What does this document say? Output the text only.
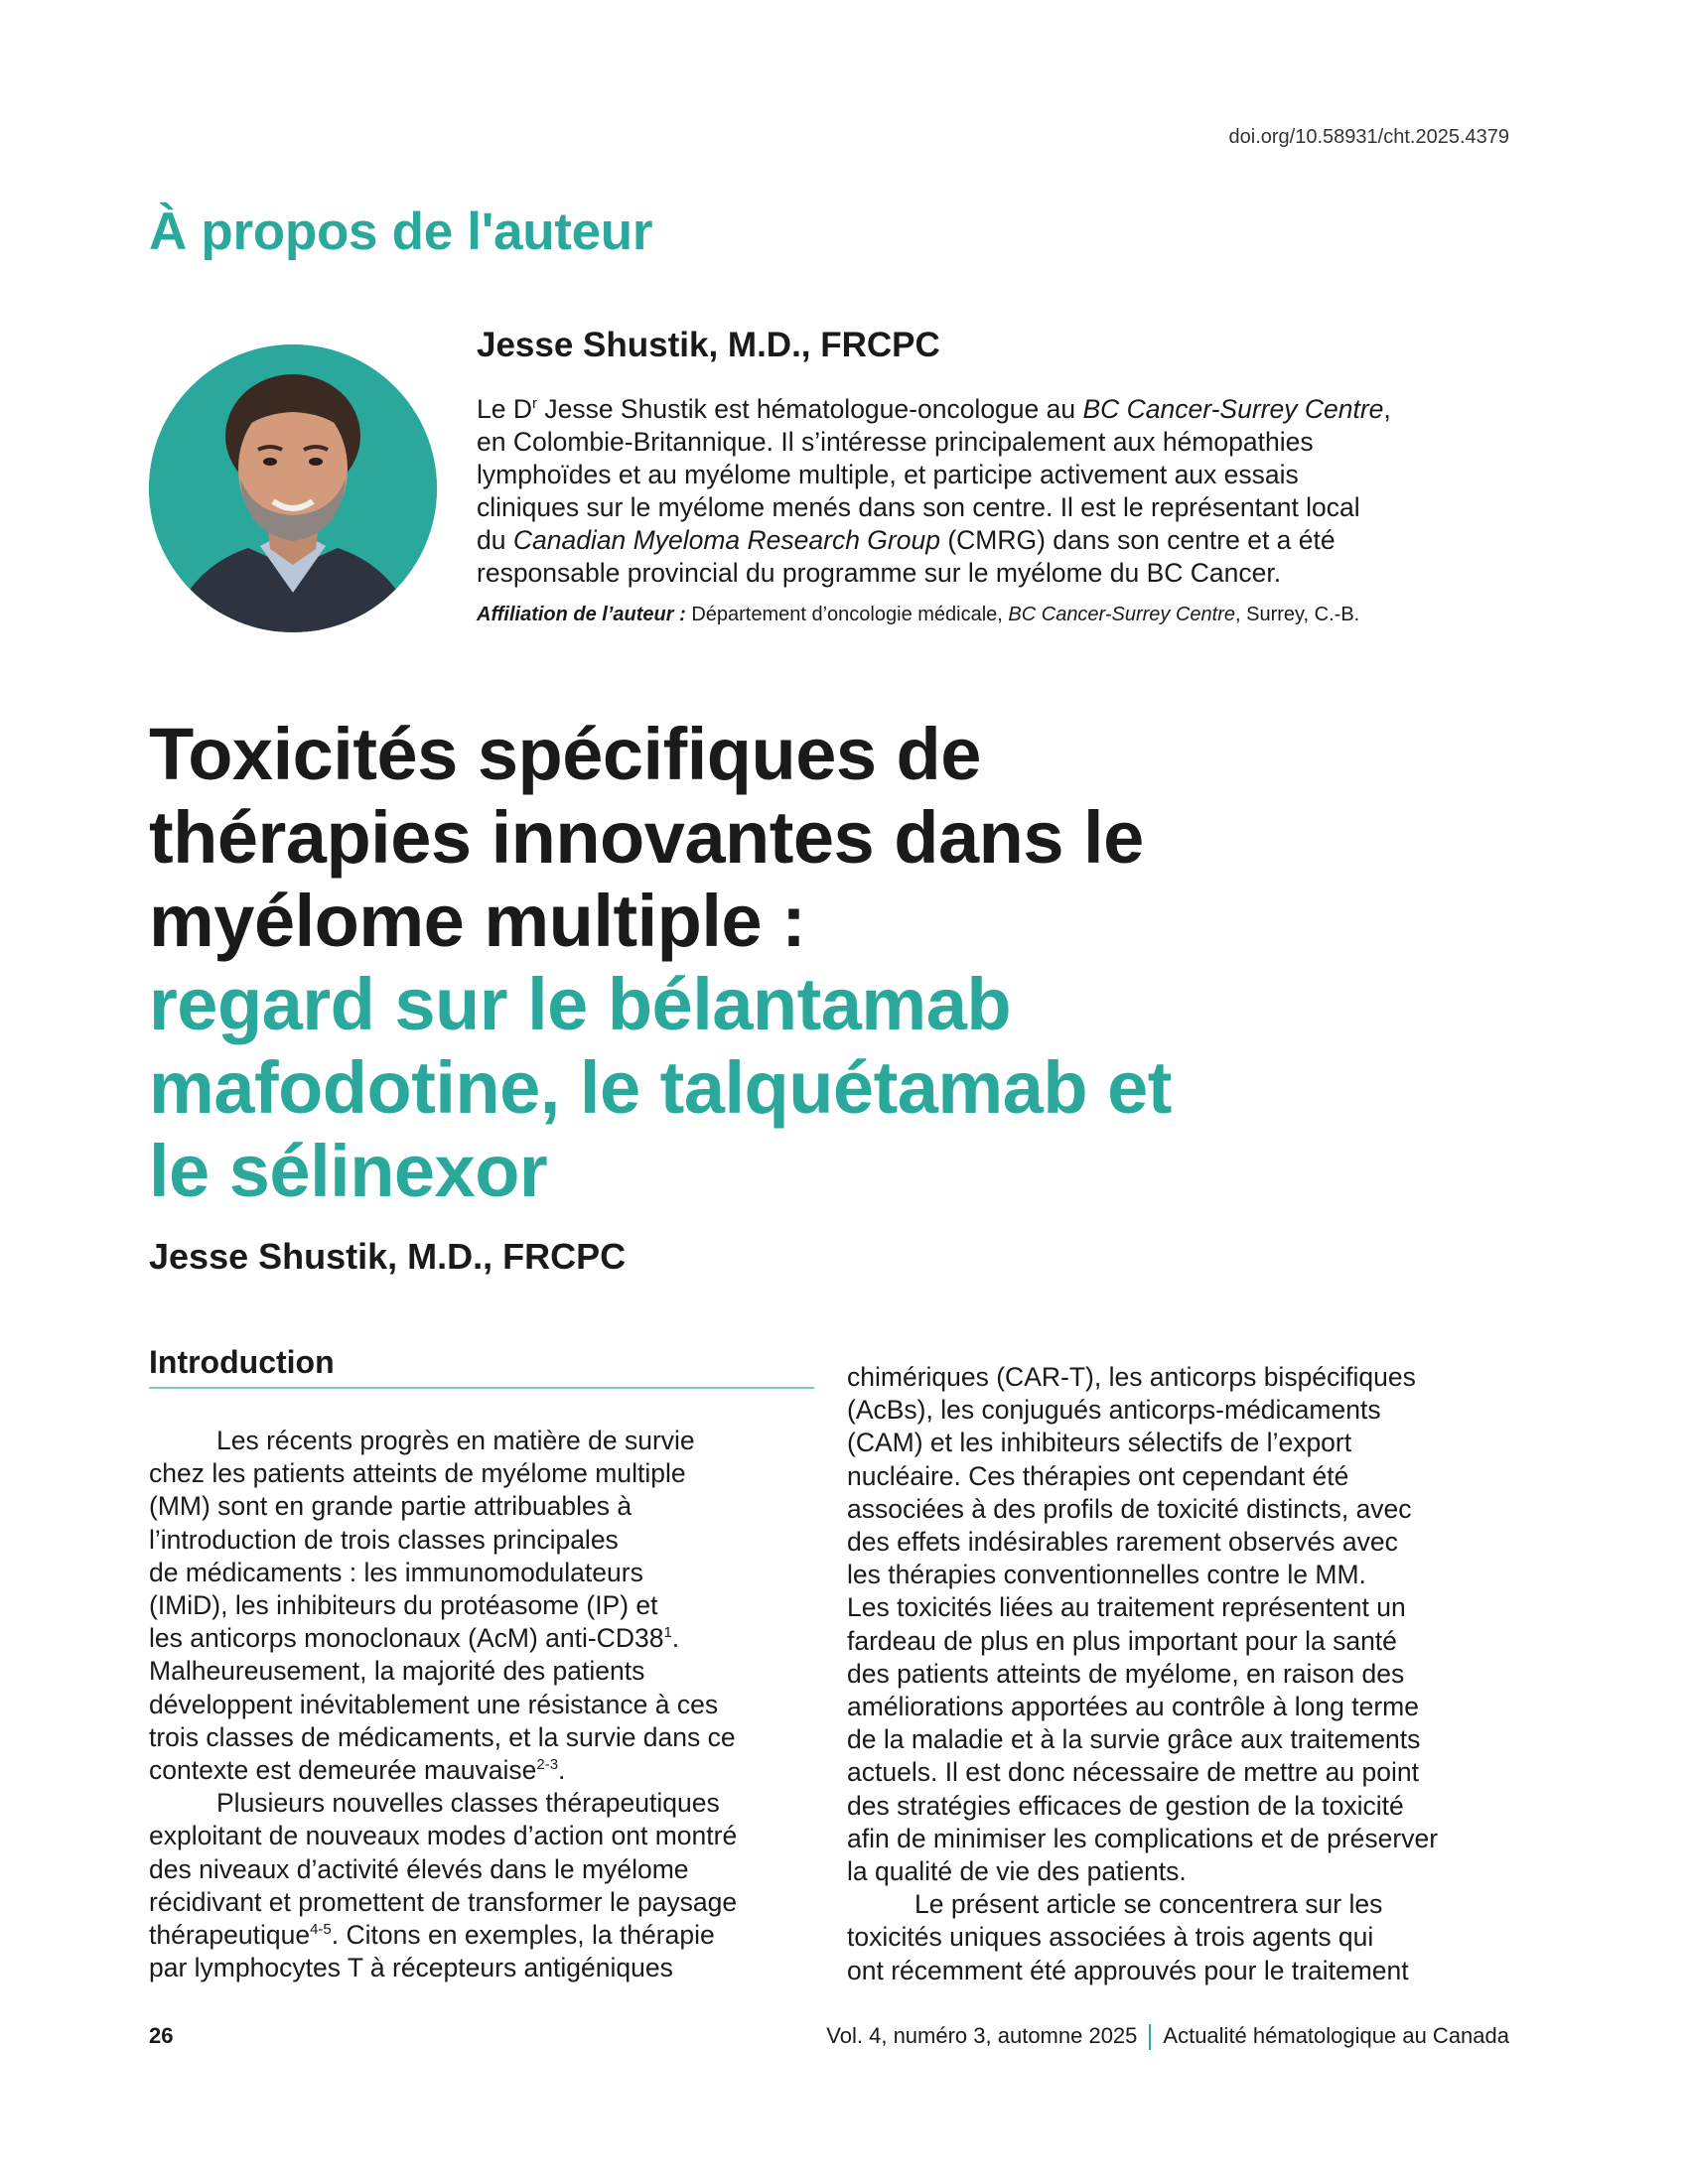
doi.org/10.58931/cht.2025.4379
À propos de l'auteur
Jesse Shustik, M.D., FRCPC
Le $D^r$ Jesse Shustik est hématologue-oncologue au BC Cancer-Surrey Centre,
en Colombie-Britannique. Il s’intéresse principalement aux hémopathies
lymphoïdes et au myélome multiple, et participe activement aux essais
cliniques sur le myélome menés dans son centre. Il est le représentant local
du Canadian Myeloma Research Group (CMRG) dans son centre et a été
responsable provincial du programme sur le myélome du BC Cancer.
Affiliation de l’auteur : Département d’oncologie médicale, BC Cancer-Surrey Centre, Surrey, C.-B.
Toxicités spécifiques de
thérapies innovantes dans le
myélome multiple :
regard sur le bélantamab
mafodotine, le talquétamab et
le sélinexor

Jesse Shustik, M.D., FRCPC

Introduction
Les récents progrès en matière de survie
chez les patients atteints de myélome multiple
(MM) sont en grande partie attribuables à
l’introduction de trois classes principales
de médicaments : les immunomodulateurs
(IMiD), les inhibiteurs du protéasome (IP) et
les anticorps monoclonaux (AcM) anti-$CD38^1$.
Malheureusement, la majorité des patients
développent inévitablement une résistance à ces
trois classes de médicaments, et la survie dans ce
contexte est demeurée mauvaise$^{2-3}$.
Plusieurs nouvelles classes thérapeutiques
exploitant de nouveaux modes d’action ont montré
des niveaux d’activité élevés dans le myélome
récidivant et promettent de transformer le paysage
thérapeutique$^{4-5}$. Citons en exemples, la thérapie
par lymphocytes T à récepteurs antigéniques
chimériques (CAR-T), les anticorps bispécifiques
(AcBs), les conjugués anticorps-médicaments
(CAM) et les inhibiteurs sélectifs de l’export
nucléaire. Ces thérapies ont cependant été
associées à des profils de toxicité distincts, avec
des effets indésirables rarement observés avec
les thérapies conventionnelles contre le MM.
Les toxicités liées au traitement représentent un
fardeau de plus en plus important pour la santé
des patients atteints de myélome, en raison des
améliorations apportées au contrôle à long terme
de la maladie et à la survie grâce aux traitements
actuels. Il est donc nécessaire de mettre au point
des stratégies efficaces de gestion de la toxicité
afin de minimiser les complications et de préserver
la qualité de vie des patients.
Le présent article se concentrera sur les
toxicités uniques associées à trois agents qui
ont récemment été approuvés pour le traitement
26	Vol. 4, numéro 3, automne 2025 Actualité hématologique au Canada
